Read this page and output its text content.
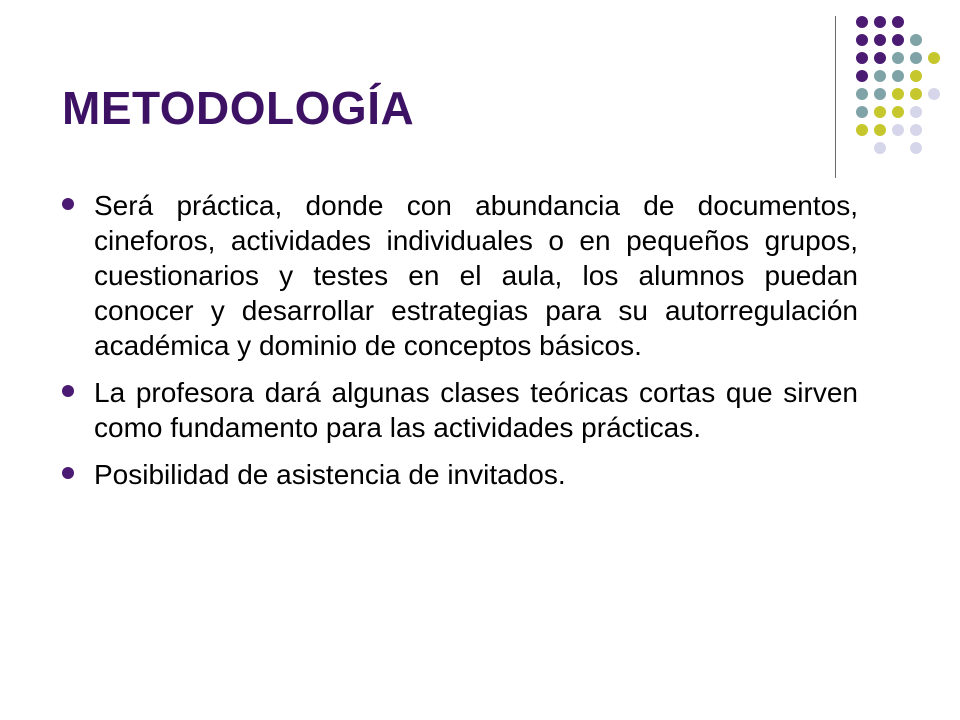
METODOLOGÍA
Será práctica, donde con abundancia de documentos, cineforos, actividades individuales o en pequeños grupos, cuestionarios y testes en el aula, los alumnos puedan conocer y desarrollar estrategias para su autorregulación académica y dominio de conceptos básicos.
La profesora dará algunas clases teóricas cortas que sirven como fundamento para las actividades prácticas.
Posibilidad de asistencia de invitados.
